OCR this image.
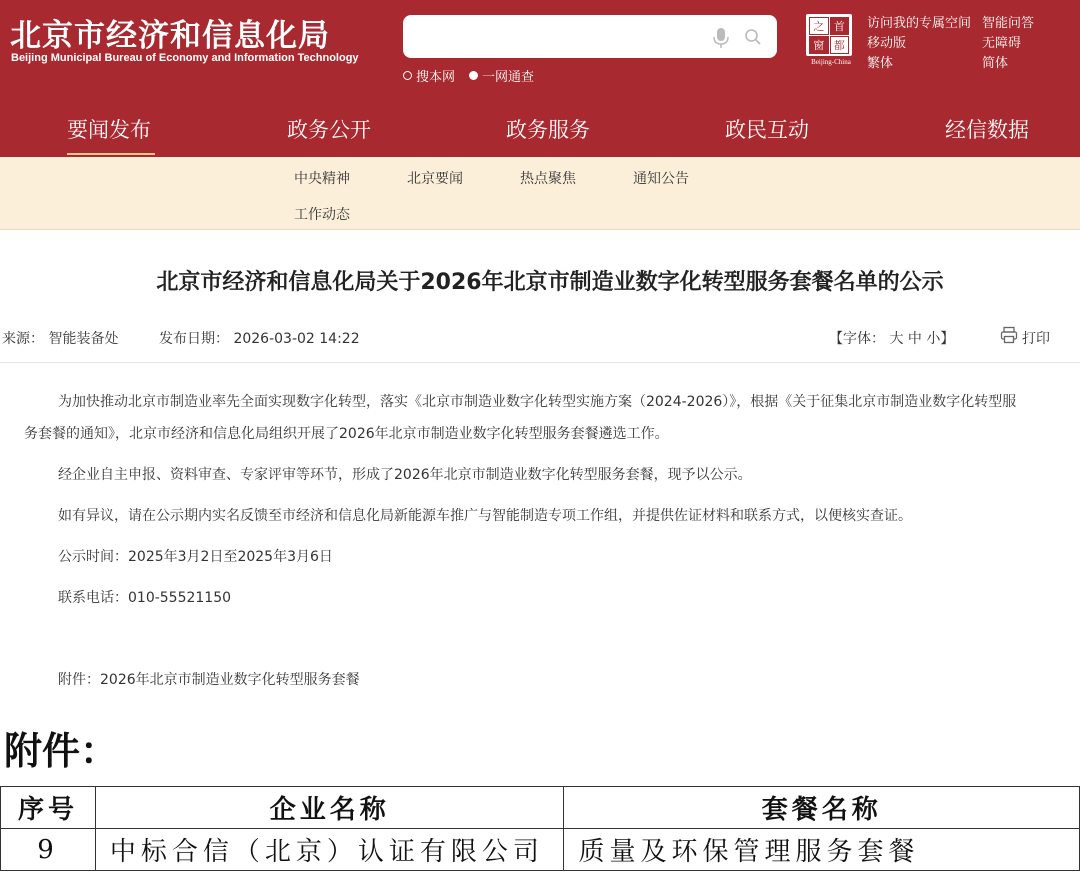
北京市经济和信息化局
Beijing Municipal Bureau of Economy and Information Technology
搜本网 一网通查
之 首
窗 都
Beijing-China
访问我的专属空间 智能问答
移动版	无障碍
繁体	简体
要闻发布	政务公开	政务服务	政民互动	经信数据
中央精神	北京要闻	热点聚焦	通知公告
工作动态
北京市经济和信息化局关于2026年北京市制造业数字化转型服务套餐名单的公示
来源： 智能装备处	发布日期： 2026-03-02 14:22	【字体： 大 中 小】	打印
为加快推动北京市制造业率先全面实现数字化转型，落实《北京市制造业数字化转型实施方案（2024-2026）》，根据《关于征集北京市制造业数字化转型服
务套餐的通知》，北京市经济和信息化局组织开展了2026年北京市制造业数字化转型服务套餐遴选工作。
经企业自主申报、资料审查、专家评审等环节，形成了2026年北京市制造业数字化转型服务套餐，现予以公示。
如有异议，请在公示期内实名反馈至市经济和信息化局新能源车推广与智能制造专项工作组，并提供佐证材料和联系方式，以便核实查证。
公示时间：2025年3月2日至2025年3月6日
联系电话：010-55521150
附件：2026年北京市制造业数字化转型服务套餐
附件：
序号	企业名称	套餐名称
9	中标合信（北京）认证有限公司	质量及环保管理服务套餐
